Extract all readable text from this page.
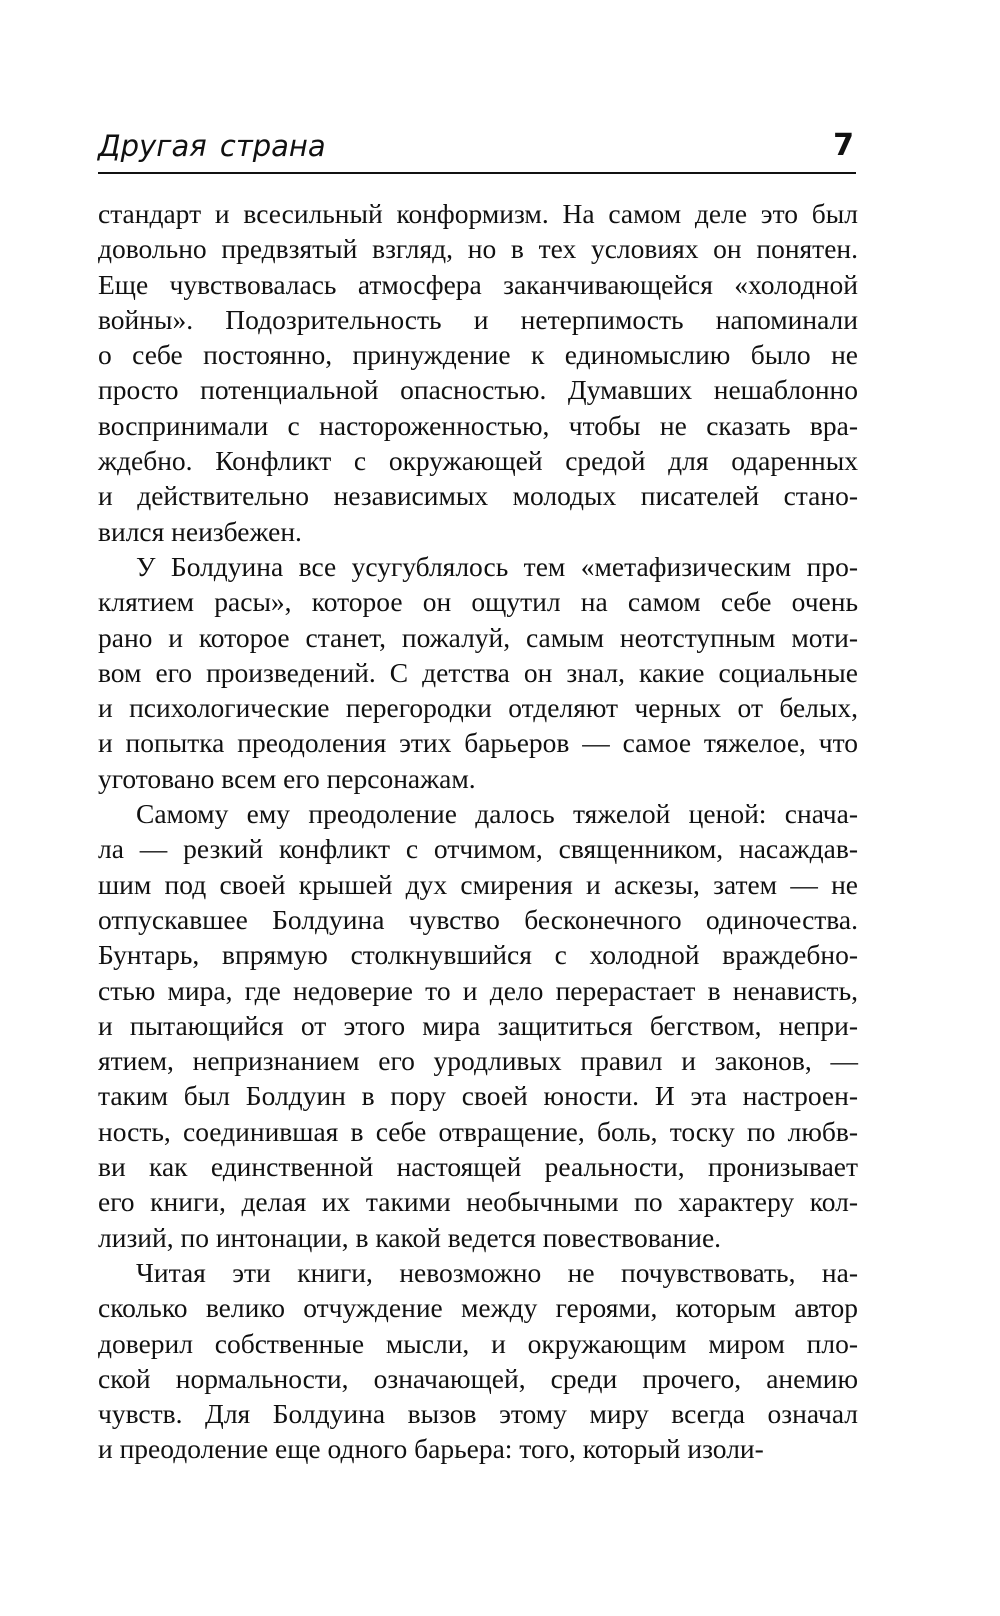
Другая страна	7

стандарт и всесильный конформизм. На самом деле это был
довольно предвзятый взгляд, но в тех условиях он понятен.
Еще чувствовалась атмосфера заканчивающейся «холодной
войны». Подозрительность и нетерпимость напоминали
о себе постоянно, принуждение к единомыслию было не
просто потенциальной опасностью. Думавших нешаблонно
воспринимали с настороженностью, чтобы не сказать вра-
ждебно. Конфликт с окружающей средой для одаренных
и действительно независимых молодых писателей стано-
вился неизбежен.

У Болдуина все усугублялось тем «метафизическим про-
клятием расы», которое он ощутил на самом себе очень
рано и которое станет, пожалуй, самым неотступным моти-
вом его произведений. С детства он знал, какие социальные
и психологические перегородки отделяют черных от белых,
и попытка преодоления этих барьеров — самое тяжелое, что
уготовано всем его персонажам.

Самому ему преодоление далось тяжелой ценой: снача-
ла — резкий конфликт с отчимом, священником, насаждав-
шим под своей крышей дух смирения и аскезы, затем — не
отпускавшее Болдуина чувство бесконечного одиночества.
Бунтарь, впрямую столкнувшийся с холодной враждебно-
стью мира, где недоверие то и дело перерастает в ненависть,
и пытающийся от этого мира защититься бегством, непри-
ятием, непризнанием его уродливых правил и законов, —
таким был Болдуин в пору своей юности. И эта настроен-
ность, соединившая в себе отвращение, боль, тоску по любв-
ви как единственной настоящей реальности, пронизывает
его книги, делая их такими необычными по характеру кол-
лизий, по интонации, в какой ведется повествование.

Читая эти книги, невозможно не почувствовать, на-
сколько велико отчуждение между героями, которым автор
доверил собственные мысли, и окружающим миром пло-
ской нормальности, означающей, среди прочего, анемию
чувств. Для Болдуина вызов этому миру всегда означал
и преодоление еще одного барьера: того, который изоли-
